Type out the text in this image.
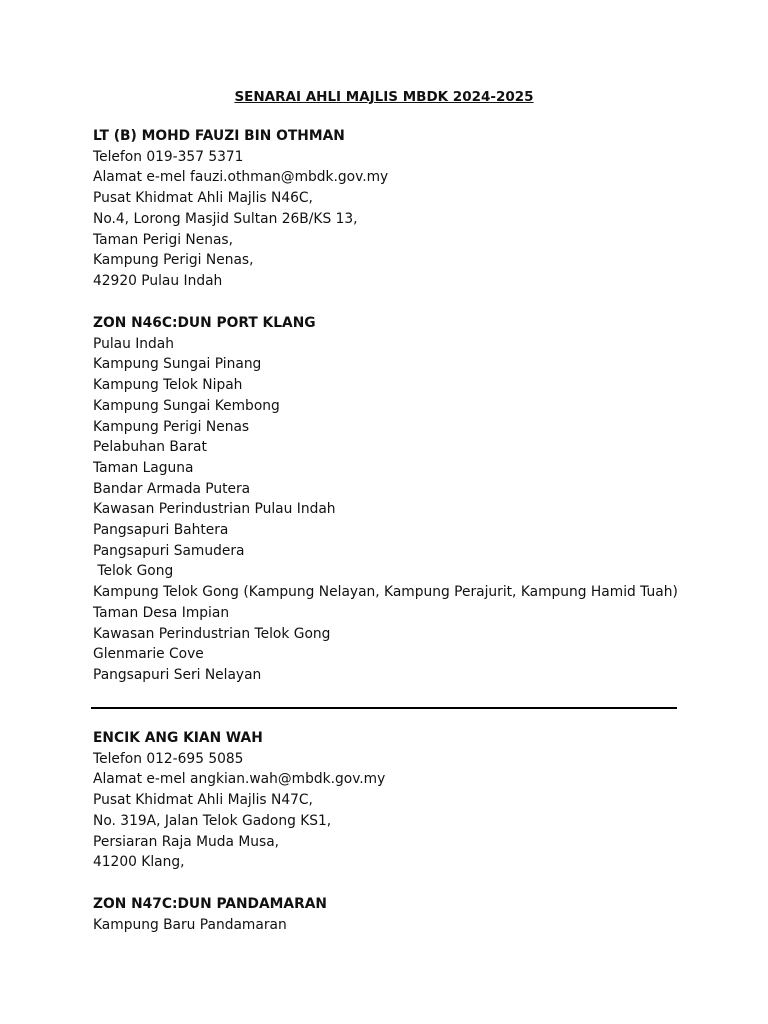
SENARAI AHLI MAJLIS MBDK 2024-2025
LT (B) MOHD FAUZI BIN OTHMAN
Telefon 019-357 5371
Alamat e-mel fauzi.othman@mbdk.gov.my
Pusat Khidmat Ahli Majlis N46C,
No.4, Lorong Masjid Sultan 26B/KS 13,
Taman Perigi Nenas,
Kampung Perigi Nenas,
42920 Pulau Indah
ZON N46C:DUN PORT KLANG
Pulau Indah
Kampung Sungai Pinang
Kampung Telok Nipah
Kampung Sungai Kembong
Kampung Perigi Nenas
Pelabuhan Barat
Taman Laguna
Bandar Armada Putera
Kawasan Perindustrian Pulau Indah
Pangsapuri Bahtera
Pangsapuri Samudera
Telok Gong
Kampung Telok Gong (Kampung Nelayan, Kampung Perajurit, Kampung Hamid Tuah)
Taman Desa Impian
Kawasan Perindustrian Telok Gong
Glenmarie Cove
Pangsapuri Seri Nelayan
ENCIK ANG KIAN WAH
Telefon 012-695 5085
Alamat e-mel angkian.wah@mbdk.gov.my
Pusat Khidmat Ahli Majlis N47C,
No. 319A, Jalan Telok Gadong KS1,
Persiaran Raja Muda Musa,
41200 Klang,
ZON N47C:DUN PANDAMARAN
Kampung Baru Pandamaran
